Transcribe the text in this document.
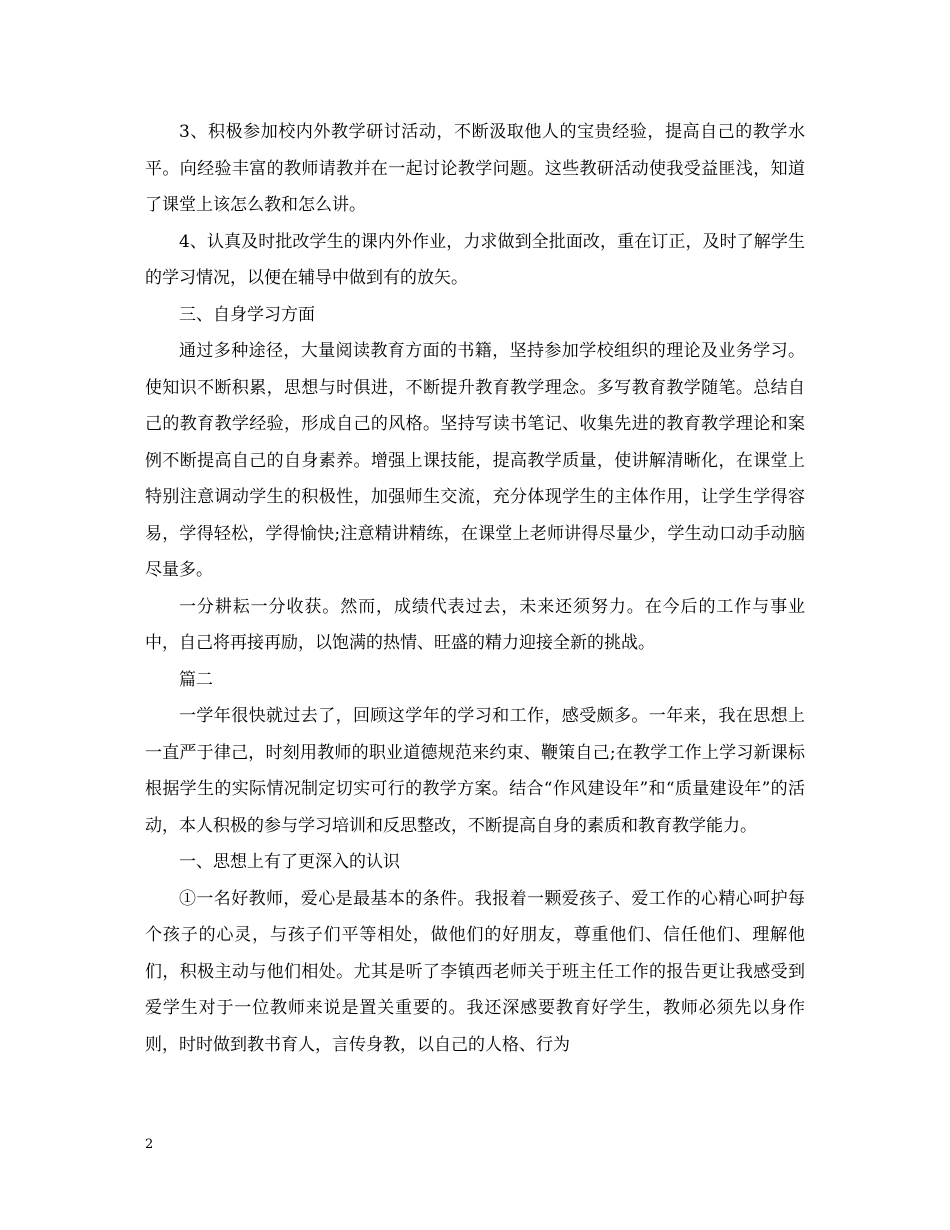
3、积极参加校内外教学研讨活动，不断汲取他人的宝贵经验，提高自己的教学水平。向经验丰富的教师请教并在一起讨论教学问题。这些教研活动使我受益匪浅，知道了课堂上该怎么教和怎么讲。

4、认真及时批改学生的课内外作业，力求做到全批面改，重在订正，及时了解学生的学习情况，以便在辅导中做到有的放矢。

三、自身学习方面

通过多种途径，大量阅读教育方面的书籍，坚持参加学校组织的理论及业务学习。使知识不断积累，思想与时俱进，不断提升教育教学理念。多写教育教学随笔。总结自己的教育教学经验，形成自己的风格。坚持写读书笔记、收集先进的教育教学理论和案例不断提高自己的自身素养。增强上课技能，提高教学质量，使讲解清晰化，在课堂上特别注意调动学生的积极性，加强师生交流，充分体现学生的主体作用，让学生学得容易，学得轻松，学得愉快;注意精讲精练，在课堂上老师讲得尽量少，学生动口动手动脑尽量多。

一分耕耘一分收获。然而，成绩代表过去，未来还须努力。在今后的工作与事业中，自己将再接再励，以饱满的热情、旺盛的精力迎接全新的挑战。

篇二

一学年很快就过去了，回顾这学年的学习和工作，感受颇多。一年来，我在思想上一直严于律己，时刻用教师的职业道德规范来约束、鞭策自己;在教学工作上学习新课标根据学生的实际情况制定切实可行的教学方案。结合“作风建设年”和“质量建设年”的活动，本人积极的参与学习培训和反思整改，不断提高自身的素质和教育教学能力。

一、思想上有了更深入的认识

①一名好教师，爱心是最基本的条件。我报着一颗爱孩子、爱工作的心精心呵护每个孩子的心灵，与孩子们平等相处，做他们的好朋友，尊重他们、信任他们、理解他们，积极主动与他们相处。尤其是听了李镇西老师关于班主任工作的报告更让我感受到爱学生对于一位教师来说是置关重要的。我还深感要教育好学生，教师必须先以身作则，时时做到教书育人，言传身教，以自己的人格、行为

2
